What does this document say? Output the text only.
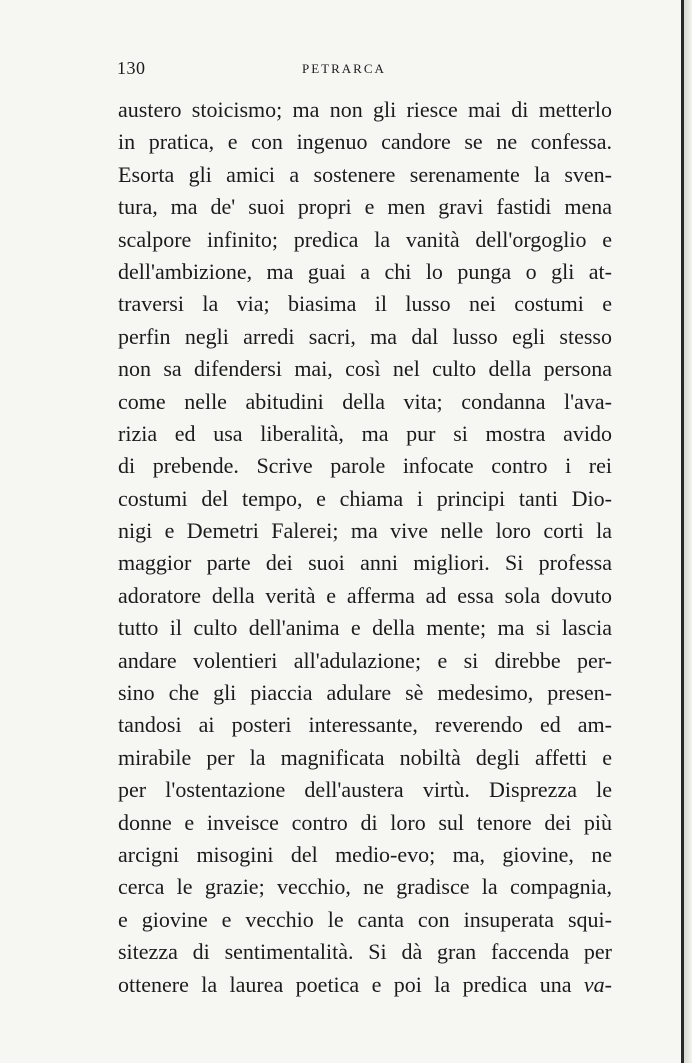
130	PETRARCA
austero stoicismo; ma non gli riesce mai di metterlo
in pratica, e con ingenuo candore se ne confessa.
Esorta gli amici a sostenere serenamente la sven-
tura, ma de' suoi propri e men gravi fastidi mena
scalpore infinito; predica la vanità dell'orgoglio e
dell'ambizione, ma guai a chi lo punga o gli at-
traversi la via; biasima il lusso nei costumi e
perfin negli arredi sacri, ma dal lusso egli stesso
non sa difendersi mai, così nel culto della persona
come nelle abitudini della vita; condanna l'ava-
rizia ed usa liberalità, ma pur si mostra avido
di prebende. Scrive parole infocate contro i rei
costumi del tempo, e chiama i principi tanti Dio-
nigi e Demetri Falerei; ma vive nelle loro corti la
maggior parte dei suoi anni migliori. Si professa
adoratore della verità e afferma ad essa sola dovuto
tutto il culto dell'anima e della mente; ma si lascia
andare volentieri all'adulazione; e si direbbe per-
sino che gli piaccia adulare sè medesimo, presen-
tandosi ai posteri interessante, reverendo ed am-
mirabile per la magnificata nobiltà degli affetti e
per l'ostentazione dell'austera virtù. Disprezza le
donne e inveisce contro di loro sul tenore dei più
arcigni misogini del medio-evo; ma, giovine, ne
cerca le grazie; vecchio, ne gradisce la compagnia,
e giovine e vecchio le canta con insuperata squi-
sitezza di sentimentalità. Si dà gran faccenda per
ottenere la laurea poetica e poi la predica una va-
